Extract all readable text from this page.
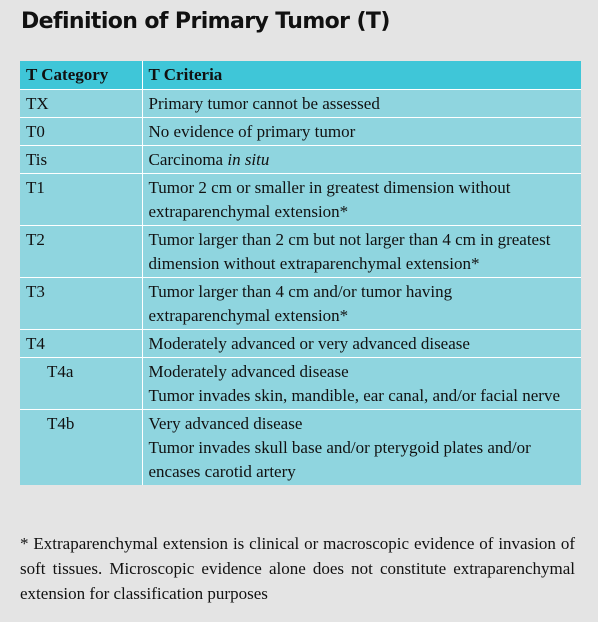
Definition of Primary Tumor (T)
T Category	T Criteria
TX	Primary tumor cannot be assessed
T0	No evidence of primary tumor
Tis	Carcinoma in situ
T1	Tumor 2 cm or smaller in greatest dimension without extraparenchymal extension*
T2	Tumor larger than 2 cm but not larger than 4 cm in greatest dimension without extraparenchymal extension*
T3	Tumor larger than 4 cm and/or tumor having extraparenchymal extension*
T4	Moderately advanced or very advanced disease
T4a	Moderately advanced disease
Tumor invades skin, mandible, ear canal, and/or facial nerve

T4b	Very advanced disease
Tumor invades skull base and/or pterygoid plates and/or encases carotid artery
* Extraparenchymal extension is clinical or macroscopic evidence of invasion of soft tissues. Microscopic evidence alone does not constitute extraparenchymal extension for classification purposes
